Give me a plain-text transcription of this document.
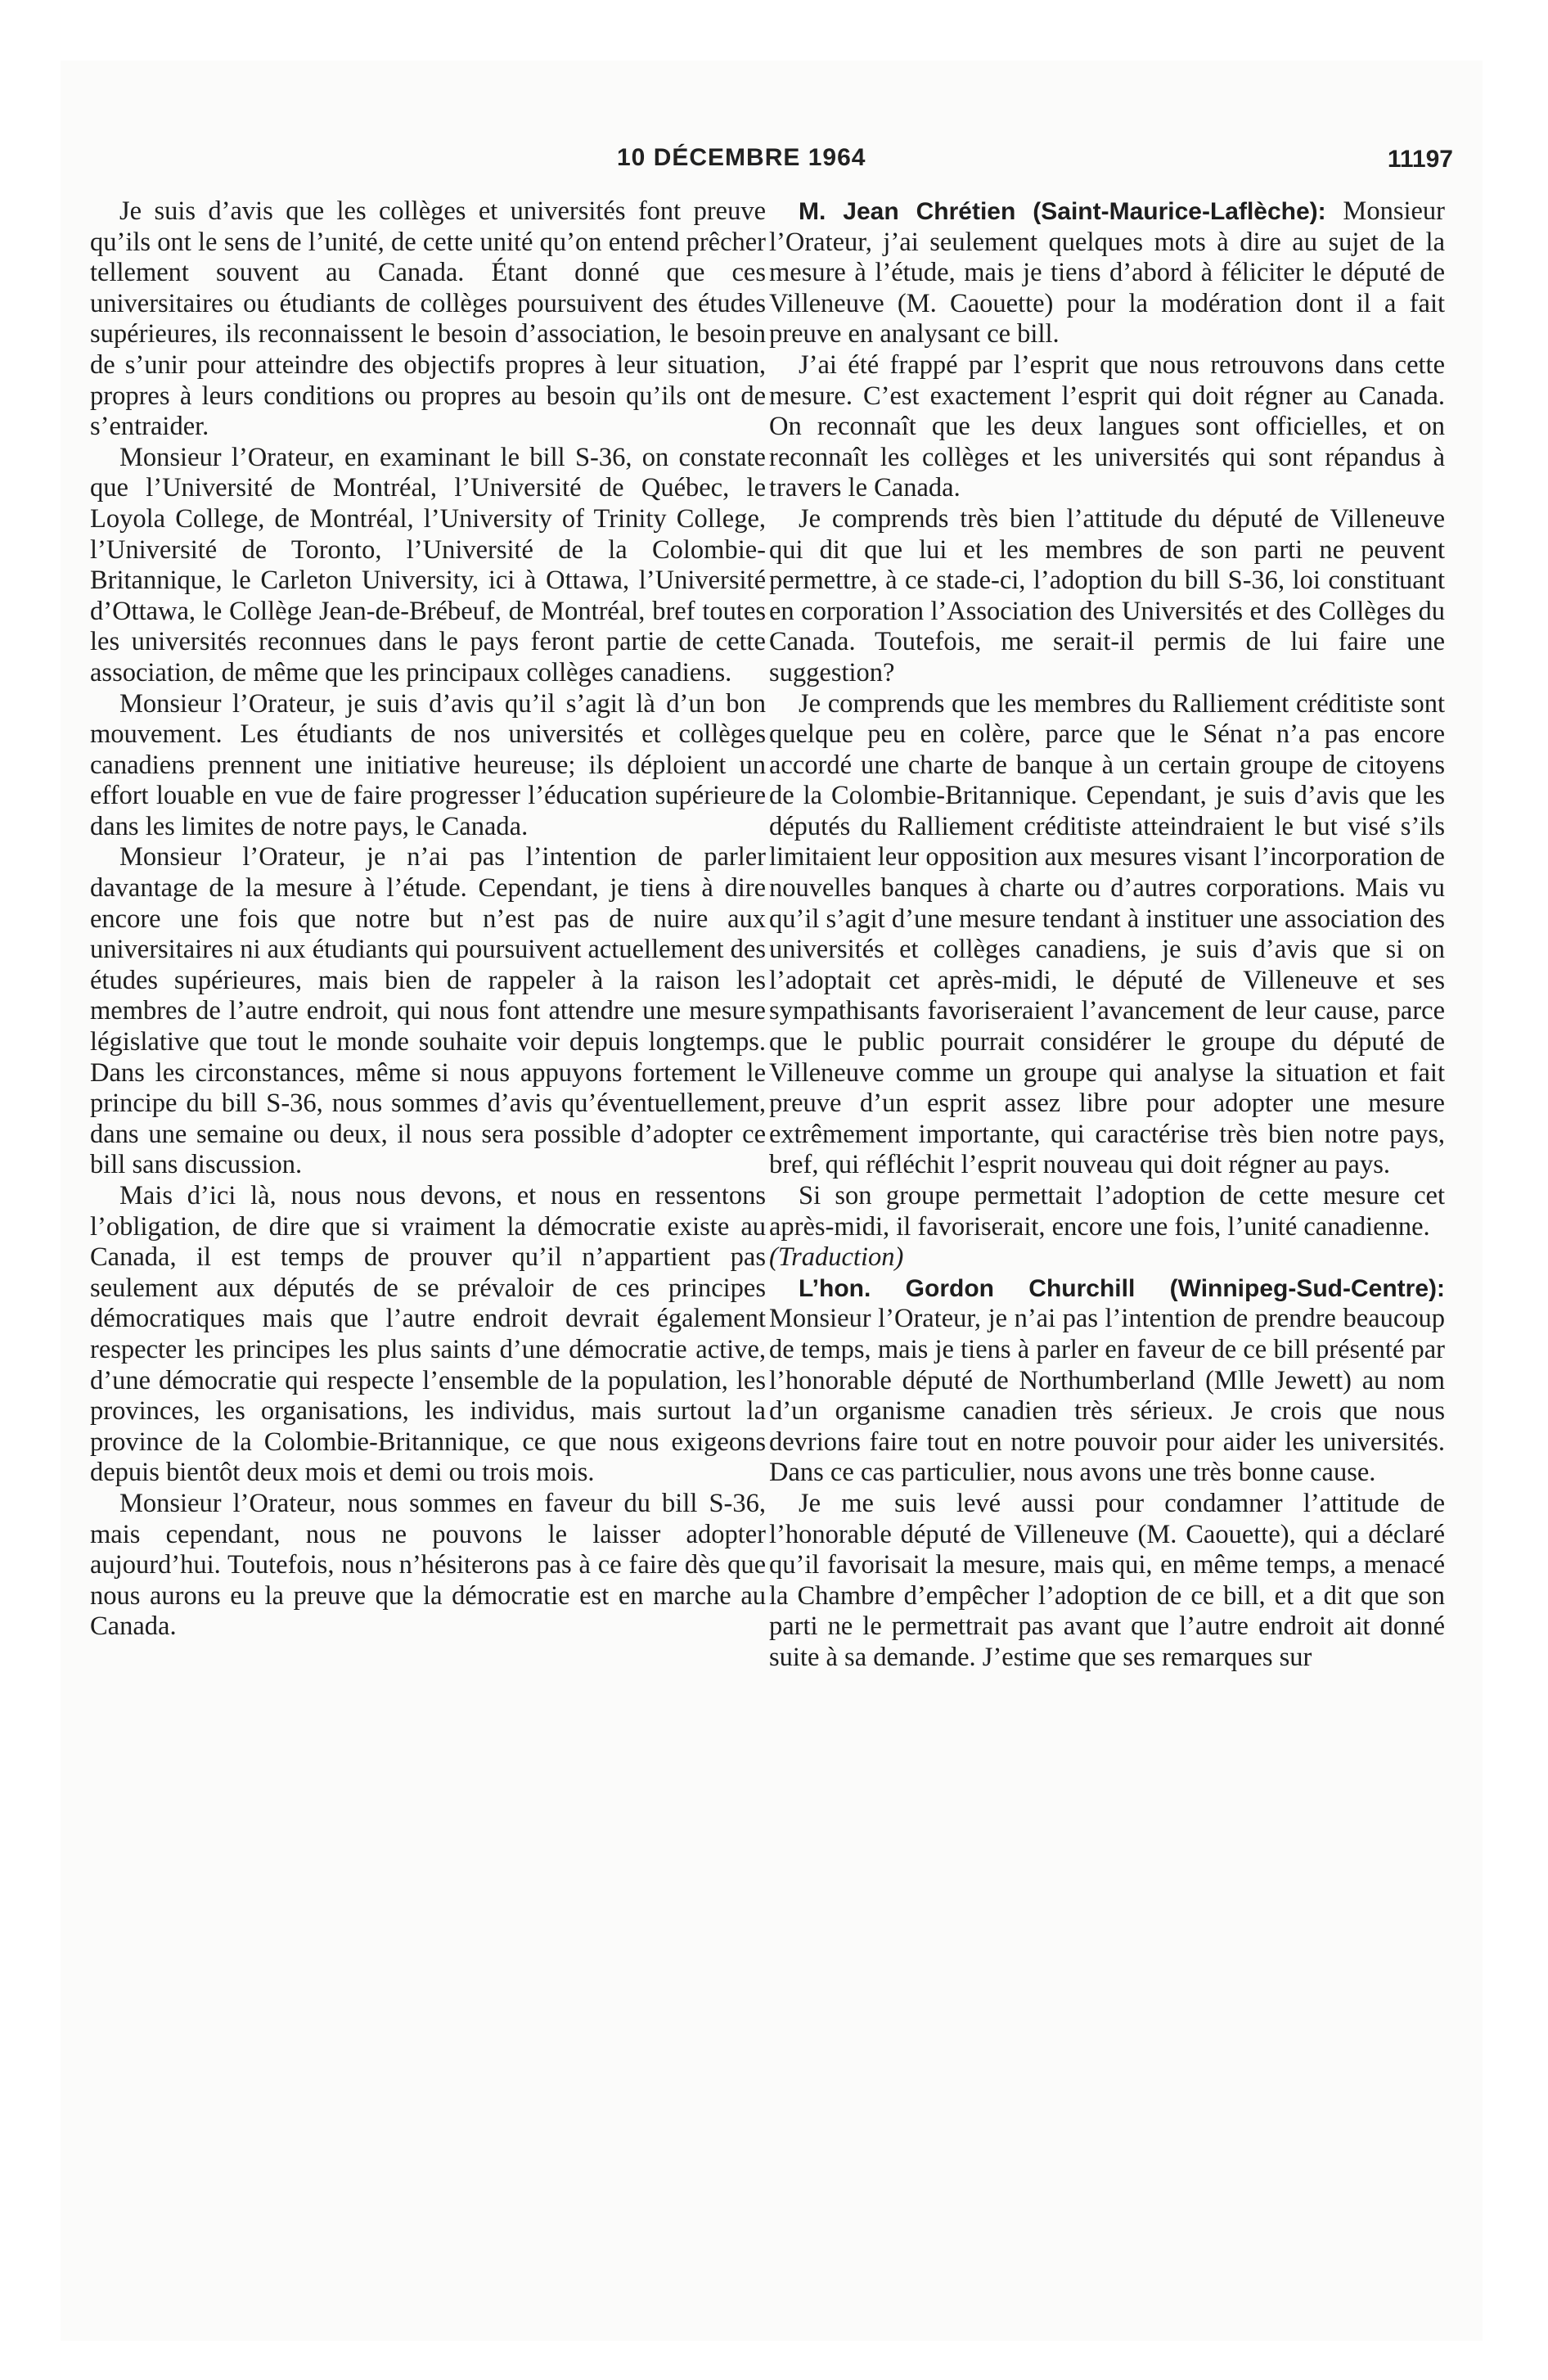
10 DÉCEMBRE 1964	11197

Je suis d’avis que les collèges et universités font preuve qu’ils ont le sens de l’unité, de cette unité qu’on entend prêcher tellement souvent au Canada. Étant donné que ces universitaires ou étudiants de collèges poursuivent des études supérieures, ils reconnaissent le besoin d’association, le besoin de s’unir pour atteindre des objectifs propres à leur situation, propres à leurs conditions ou propres au besoin qu’ils ont de s’entraider.

Monsieur l’Orateur, en examinant le bill S-36, on constate que l’Université de Montréal, l’Université de Québec, le Loyola College, de Montréal, l’University of Trinity College, l’Université de Toronto, l’Université de la Colombie-Britannique, le Carleton University, ici à Ottawa, l’Université d’Ottawa, le Collège Jean-de-Brébeuf, de Montréal, bref toutes les universités reconnues dans le pays feront partie de cette association, de même que les principaux collèges canadiens.

Monsieur l’Orateur, je suis d’avis qu’il s’agit là d’un bon mouvement. Les étudiants de nos universités et collèges canadiens prennent une initiative heureuse; ils déploient un effort louable en vue de faire progresser l’éducation supérieure dans les limites de notre pays, le Canada.

Monsieur l’Orateur, je n’ai pas l’intention de parler davantage de la mesure à l’étude. Cependant, je tiens à dire encore une fois que notre but n’est pas de nuire aux universitaires ni aux étudiants qui poursuivent actuellement des études supérieures, mais bien de rappeler à la raison les membres de l’autre endroit, qui nous font attendre une mesure législative que tout le monde souhaite voir depuis longtemps. Dans les circonstances, même si nous appuyons fortement le principe du bill S-36, nous sommes d’avis qu’éventuellement, dans une semaine ou deux, il nous sera possible d’adopter ce bill sans discussion.

Mais d’ici là, nous nous devons, et nous en ressentons l’obligation, de dire que si vraiment la démocratie existe au Canada, il est temps de prouver qu’il n’appartient pas seulement aux députés de se prévaloir de ces principes démocratiques mais que l’autre endroit devrait également respecter les principes les plus saints d’une démocratie active, d’une démocratie qui respecte l’ensemble de la population, les provinces, les organisations, les individus, mais surtout la province de la Colombie-Britannique, ce que nous exigeons depuis bientôt deux mois et demi ou trois mois.

Monsieur l’Orateur, nous sommes en faveur du bill S-36, mais cependant, nous ne pouvons le laisser adopter aujourd’hui. Toutefois, nous n’hésiterons pas à ce faire dès que nous aurons eu la preuve que la démocratie est en marche au Canada.

M. Jean Chrétien (Saint-Maurice-Laflèche): Monsieur l’Orateur, j’ai seulement quelques mots à dire au sujet de la mesure à l’étude, mais je tiens d’abord à féliciter le député de Villeneuve (M. Caouette) pour la modération dont il a fait preuve en analysant ce bill.

J’ai été frappé par l’esprit que nous retrouvons dans cette mesure. C’est exactement l’esprit qui doit régner au Canada. On reconnaît que les deux langues sont officielles, et on reconnaît les collèges et les universités qui sont répandus à travers le Canada.

Je comprends très bien l’attitude du député de Villeneuve qui dit que lui et les membres de son parti ne peuvent permettre, à ce stade-ci, l’adoption du bill S-36, loi constituant en corporation l’Association des Universités et des Collèges du Canada. Toutefois, me serait-il permis de lui faire une suggestion?

Je comprends que les membres du Ralliement créditiste sont quelque peu en colère, parce que le Sénat n’a pas encore accordé une charte de banque à un certain groupe de citoyens de la Colombie-Britannique. Cependant, je suis d’avis que les députés du Ralliement créditiste atteindraient le but visé s’ils limitaient leur opposition aux mesures visant l’incorporation de nouvelles banques à charte ou d’autres corporations. Mais vu qu’il s’agit d’une mesure tendant à instituer une association des universités et collèges canadiens, je suis d’avis que si on l’adoptait cet après-midi, le député de Villeneuve et ses sympathisants favoriseraient l’avancement de leur cause, parce que le public pourrait considérer le groupe du député de Villeneuve comme un groupe qui analyse la situation et fait preuve d’un esprit assez libre pour adopter une mesure extrêmement importante, qui caractérise très bien notre pays, bref, qui réfléchit l’esprit nouveau qui doit régner au pays.

Si son groupe permettait l’adoption de cette mesure cet après-midi, il favoriserait, encore une fois, l’unité canadienne.

(Traduction)

L’hon. Gordon Churchill (Winnipeg-Sud-Centre): Monsieur l’Orateur, je n’ai pas l’intention de prendre beaucoup de temps, mais je tiens à parler en faveur de ce bill présenté par l’honorable député de Northumberland (Mlle Jewett) au nom d’un organisme canadien très sérieux. Je crois que nous devrions faire tout en notre pouvoir pour aider les universités. Dans ce cas particulier, nous avons une très bonne cause.

Je me suis levé aussi pour condamner l’attitude de l’honorable député de Villeneuve (M. Caouette), qui a déclaré qu’il favorisait la mesure, mais qui, en même temps, a menacé la Chambre d’empêcher l’adoption de ce bill, et a dit que son parti ne le permettrait pas avant que l’autre endroit ait donné suite à sa demande. J’estime que ses remarques sur
